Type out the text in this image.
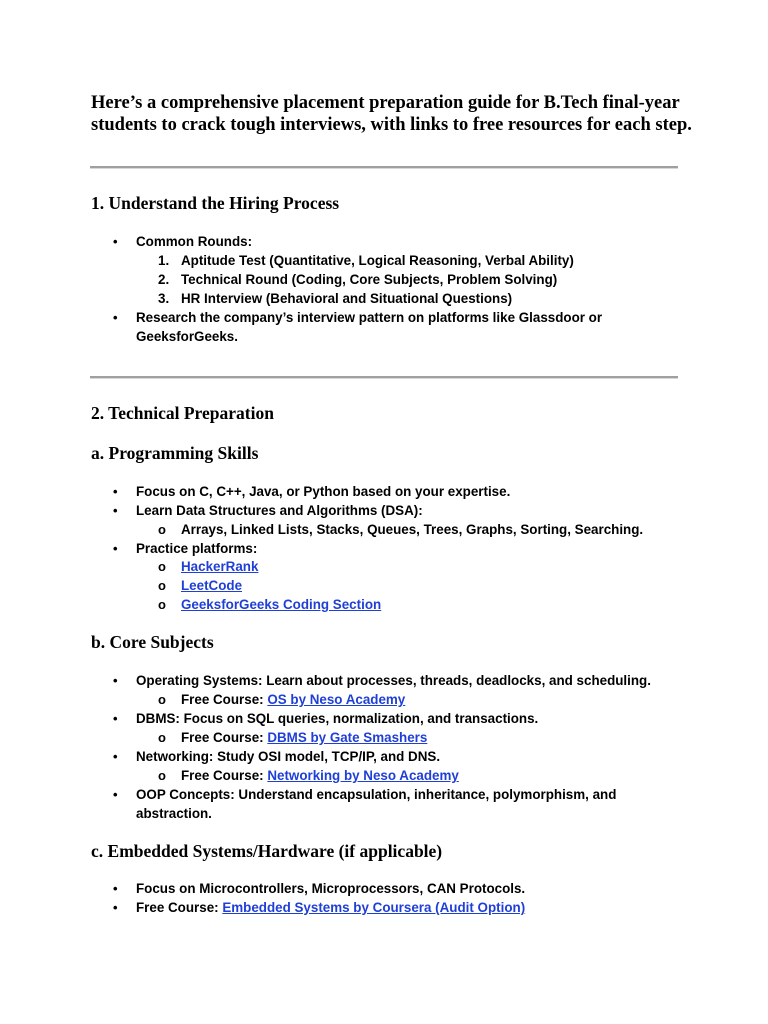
Here’s a comprehensive placement preparation guide for B.Tech final-year
students to crack tough interviews, with links to free resources for each step.
1. Understand the Hiring Process
• Common Rounds:
1. Aptitude Test (Quantitative, Logical Reasoning, Verbal Ability)
2. Technical Round (Coding, Core Subjects, Problem Solving)
3. HR Interview (Behavioral and Situational Questions)
• Research the company’s interview pattern on platforms like Glassdoor or
GeeksforGeeks.
2. Technical Preparation
a. Programming Skills
• Focus on C, C++, Java, or Python based on your expertise.
• Learn Data Structures and Algorithms (DSA):
o Arrays, Linked Lists, Stacks, Queues, Trees, Graphs, Sorting, Searching.
• Practice platforms:
o HackerRank
o LeetCode
o GeeksforGeeks Coding Section
b. Core Subjects
• Operating Systems: Learn about processes, threads, deadlocks, and scheduling.
o Free Course: OS by Neso Academy
• DBMS: Focus on SQL queries, normalization, and transactions.
o Free Course: DBMS by Gate Smashers
• Networking: Study OSI model, TCP/IP, and DNS.
o Free Course: Networking by Neso Academy
• OOP Concepts: Understand encapsulation, inheritance, polymorphism, and
abstraction.
c. Embedded Systems/Hardware (if applicable)
• Focus on Microcontrollers, Microprocessors, CAN Protocols.
• Free Course: Embedded Systems by Coursera (Audit Option)
